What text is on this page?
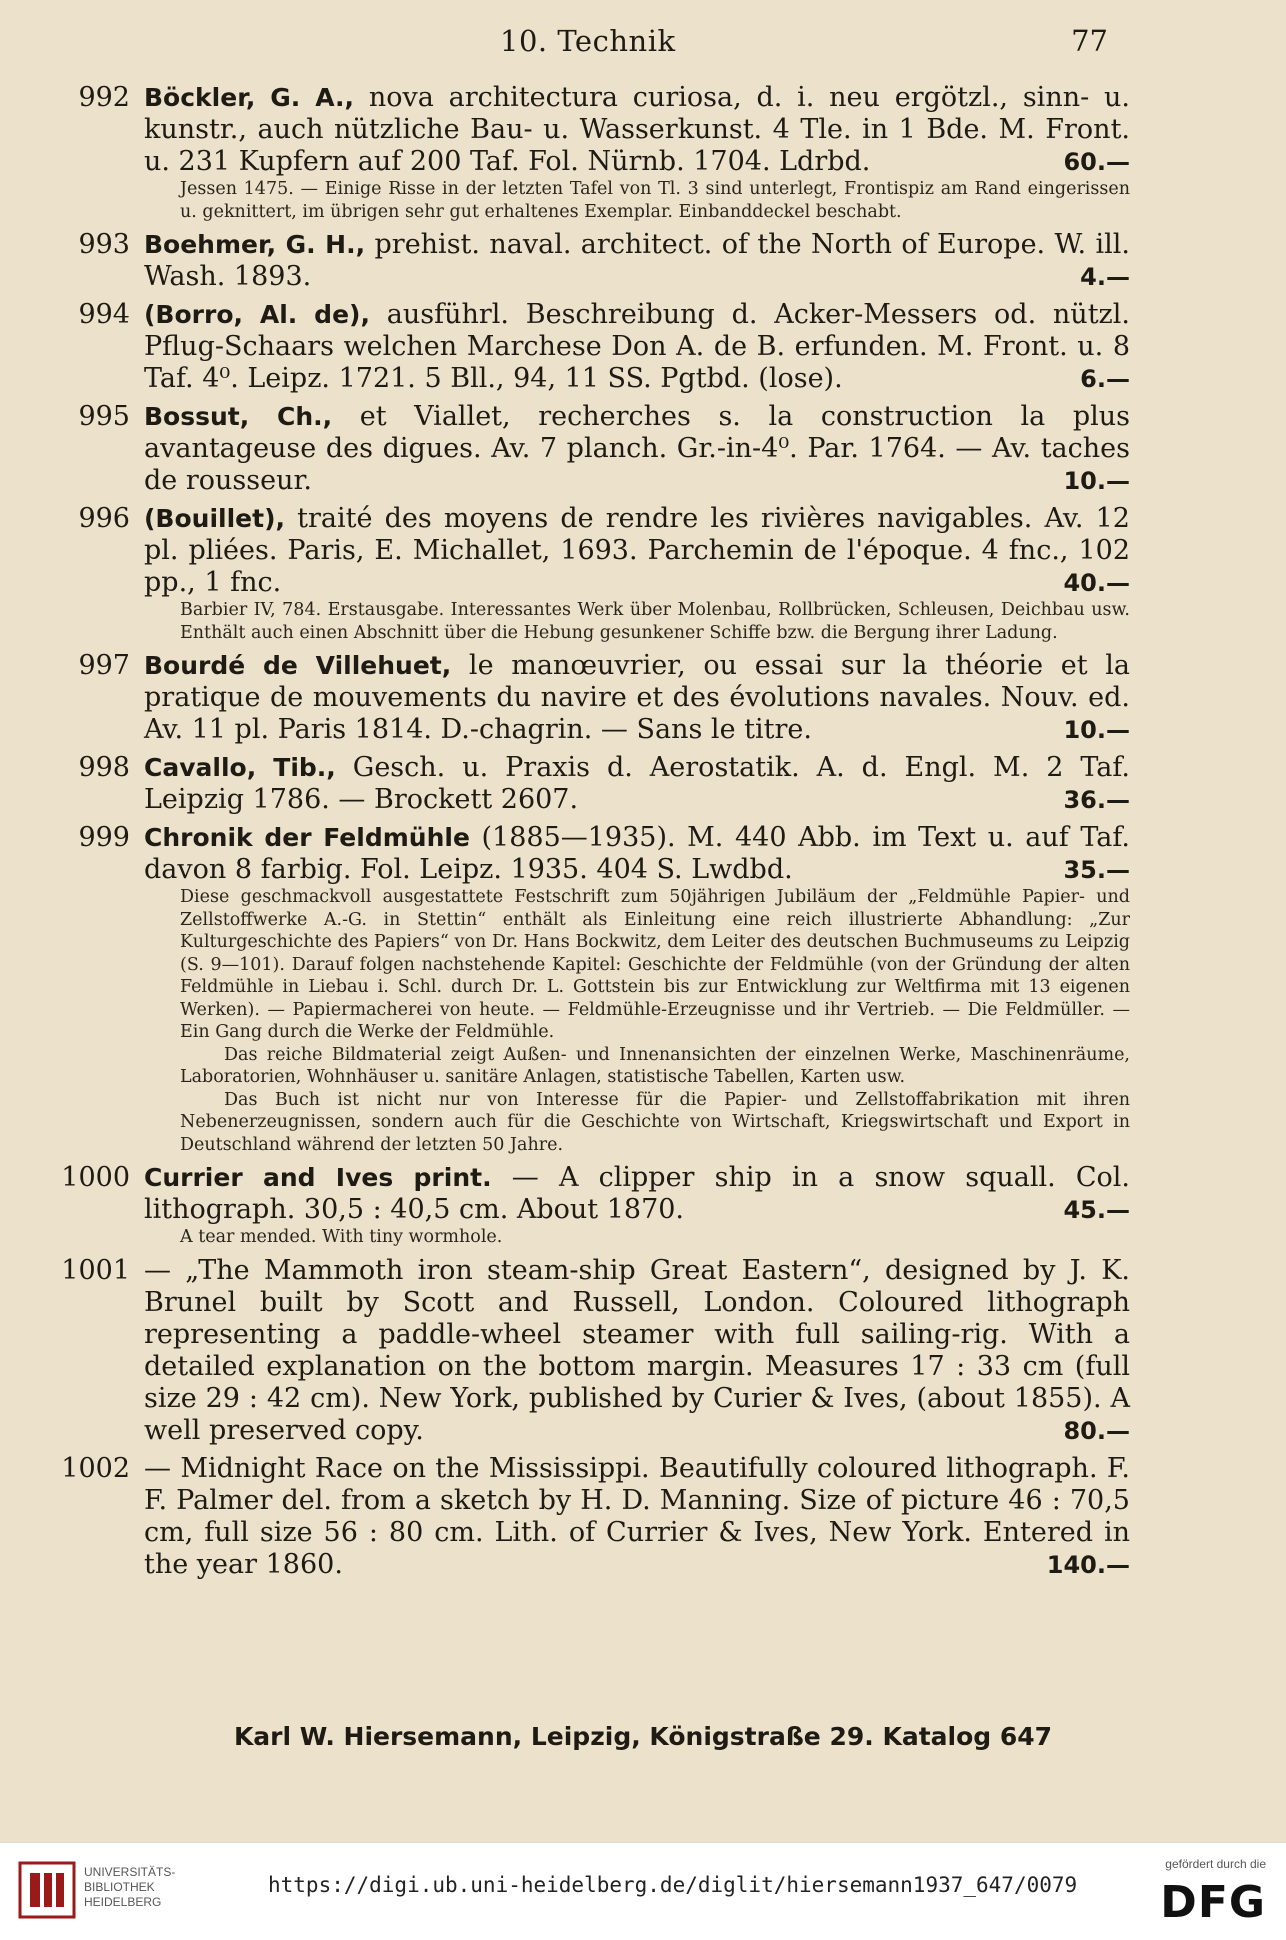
10. Technik	77
992 Böckler, G. A., nova architectura curiosa, d. i. neu ergötzl., sinn- u. kunstr., auch nützliche Bau- u. Wasserkunst. 4 Tle. in 1 Bde. M. Front. u. 231 Kupfern auf 200 Taf. Fol. Nürnb. 1704. Ldrbd.	60.—

Jessen 1475. — Einige Risse in der letzten Tafel von Tl. 3 sind unterlegt, Frontispiz am Rand eingerissen u. geknittert, im übrigen sehr gut erhaltenes Exemplar. Einbanddeckel beschabt.

993 Boehmer, G. H., prehist. naval. architect. of the North of Europe. W. ill. Wash. 1893.	4.—
994 (Borro, Al. de), ausführl. Beschreibung d. Acker-Messers od. nützl. Pflug-Schaars welchen Marchese Don A. de B. erfunden. M. Front. u. 8 Taf. 4⁰. Leipz. 1721. 5 Bll., 94, 11 SS. Pgtbd. (lose).	6.—
995 Bossut, Ch., et Viallet, recherches s. la construction la plus avantageuse des digues. Av. 7 planch. Gr.-in-4⁰. Par. 1764. — Av. taches de rousseur.	10.—
996 (Bouillet), traité des moyens de rendre les rivières navigables. Av. 12 pl. pliées. Paris, E. Michallet, 1693. Parchemin de l'époque. 4 fnc., 102 pp., 1 fnc.	40.—

Barbier IV, 784. Erstausgabe. Interessantes Werk über Molenbau, Rollbrücken, Schleusen, Deichbau usw. Enthält auch einen Abschnitt über die Hebung gesunkener Schiffe bzw. die Bergung ihrer Ladung.

997 Bourdé de Villehuet, le manœuvrier, ou essai sur la théorie et la pratique de mouvements du navire et des évolutions navales. Nouv. ed. Av. 11 pl. Paris 1814. D.-chagrin. — Sans le titre.	10.—
998 Cavallo, Tib., Gesch. u. Praxis d. Aerostatik. A. d. Engl. M. 2 Taf. Leipzig 1786. — Brockett 2607.	36.—
999 Chronik der Feldmühle (1885—1935). M. 440 Abb. im Text u. auf Taf. davon 8 farbig. Fol. Leipz. 1935. 404 S. Lwdbd.	35.—

Diese geschmackvoll ausgestattete Festschrift zum 50jährigen Jubiläum der „Feldmühle Papier- und Zellstoffwerke A.-G. in Stettin“ enthält als Einleitung eine reich illustrierte Abhandlung: „Zur Kulturgeschichte des Papiers“ von Dr. Hans Bockwitz, dem Leiter des deutschen Buchmuseums zu Leipzig (S. 9—101). Darauf folgen nachstehende Kapitel: Geschichte der Feldmühle (von der Gründung der alten Feldmühle in Liebau i. Schl. durch Dr. L. Gottstein bis zur Entwicklung zur Weltfirma mit 13 eigenen Werken). — Papiermacherei von heute. — Feldmühle-Erzeugnisse und ihr Vertrieb. — Die Feldmüller. — Ein Gang durch die Werke der Feldmühle.

Das reiche Bildmaterial zeigt Außen- und Innenansichten der einzelnen Werke, Maschinenräume, Laboratorien, Wohnhäuser u. sanitäre Anlagen, statistische Tabellen, Karten usw.

Das Buch ist nicht nur von Interesse für die Papier- und Zellstoffabrikation mit ihren Nebenerzeugnissen, sondern auch für die Geschichte von Wirtschaft, Kriegswirtschaft und Export in Deutschland während der letzten 50 Jahre.

1000 Currier and Ives print. — A clipper ship in a snow squall. Col. lithograph. 30,5 : 40,5 cm. About 1870.	45.—

A tear mended. With tiny wormhole.

1001 — „The Mammoth iron steam-ship Great Eastern“, designed by J. K. Brunel built by Scott and Russell, London. Coloured lithograph representing a paddle-wheel steamer with full sailing-rig. With a detailed explanation on the bottom margin. Measures 17 : 33 cm (full size 29 : 42 cm). New York, published by Curier & Ives, (about 1855). A well preserved copy.	80.—
1002 — Midnight Race on the Mississippi. Beautifully coloured lithograph. F. F. Palmer del. from a sketch by H. D. Manning. Size of picture 46 : 70,5 cm, full size 56 : 80 cm. Lith. of Currier & Ives, New York. Entered in the year 1860.	140.—
Karl W. Hiersemann, Leipzig, Königstraße 29. Katalog 647
UNIVERSITÄTS-
BIBLIOTHEK
HEIDELBERG
https://digi.ub.uni-heidelberg.de/diglit/hiersemann1937_647/0079
gefördert durch die
DFG
